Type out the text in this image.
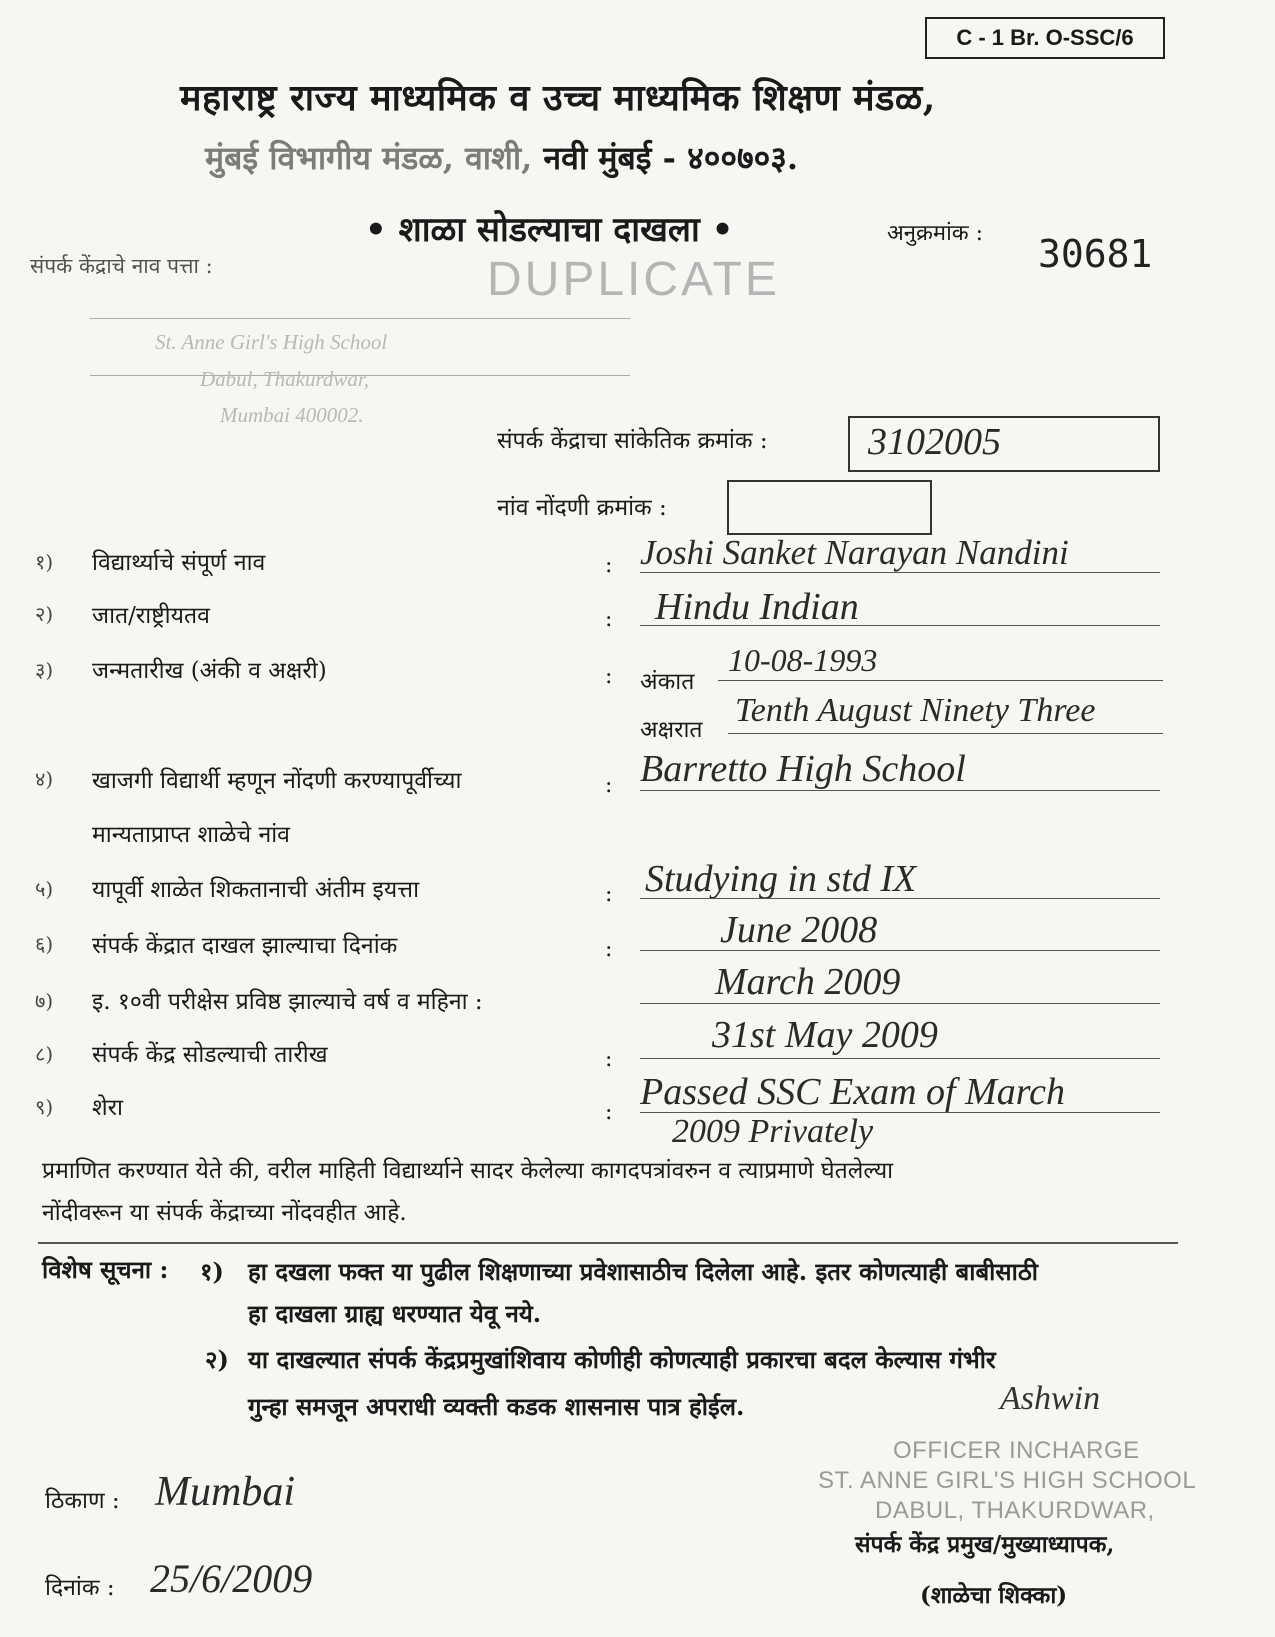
C - 1 Br. O-SSC/6
महाराष्ट्र राज्य माध्यमिक व उच्च माध्यमिक शिक्षण मंडळ,
मुंबई विभागीय मंडळ, वाशी, नवी मुंबई - ४००७०३.
• शाळा सोडल्याचा दाखला •	अनुक्रमांक : 30681
संपर्क केंद्राचे नाव पत्ता :	DUPLICATE
St. Anne Girl's High School
Dabul, Thakurdwar,
Mumbai 400002.
संपर्क केंद्राचा सांकेतिक क्रमांक :	3102005
नांव नोंदणी क्रमांक :
१) विद्यार्थ्याचे संपूर्ण नाव	: Joshi Sanket Narayan Nandini
२) जात/राष्ट्रीयतव	: Hindu Indian
३) जन्मतारीख (अंकी व अक्षरी)	: अंकात
10-08-1993
अक्षरात
Tenth August Ninety Three
४) खाजगी विद्यार्थी म्हणून नोंदणी करण्यापूर्वीच्या
मान्यताप्राप्त शाळेचे नांव
: Barretto High School
५) यापूर्वी शाळेत शिकतानाची अंतीम इयत्ता	: Studying in std IX
६) संपर्क केंद्रात दाखल झाल्याचा दिनांक	:	June 2008
७) इ. १०वी परीक्षेस प्रविष्ठ झाल्याचे वर्ष व महिना :	March 2009
८) संपर्क केंद्र सोडल्याची तारीख	:
31st May 2009
९) शेरा	: Passed SSC Exam of March
2009 Privately
प्रमाणित करण्यात येते की, वरील माहिती विद्यार्थ्याने सादर केलेल्या कागदपत्रांवरुन व त्याप्रमाणे घेतलेल्या
नोंदीवरून या संपर्क केंद्राच्या नोंदवहीत आहे.
विशेष सूचना : १) हा दखला फक्त या पुढील शिक्षणाच्या प्रवेशासाठीच दिलेला आहे. इतर कोणत्याही बाबीसाठी
हा दाखला ग्राह्य धरण्यात येवू नये.
२) या दाखल्यात संपर्क केंद्रप्रमुखांशिवाय कोणीही कोणत्याही प्रकारचा बदल केल्यास गंभीर
गुन्हा समजून अपराधी व्यक्ती कडक शासनास पात्र होईल.	Ashwin
OFFICER INCHARGE
ST. ANNE GIRL'S HIGH SCHOOL
DABUL, THAKURDWAR,
संपर्क केंद्र प्रमुख/मुख्याध्यापक,
(शाळेचा शिक्का)
ठिकाण : Mumbai
दिनांक : 25/6/2009
